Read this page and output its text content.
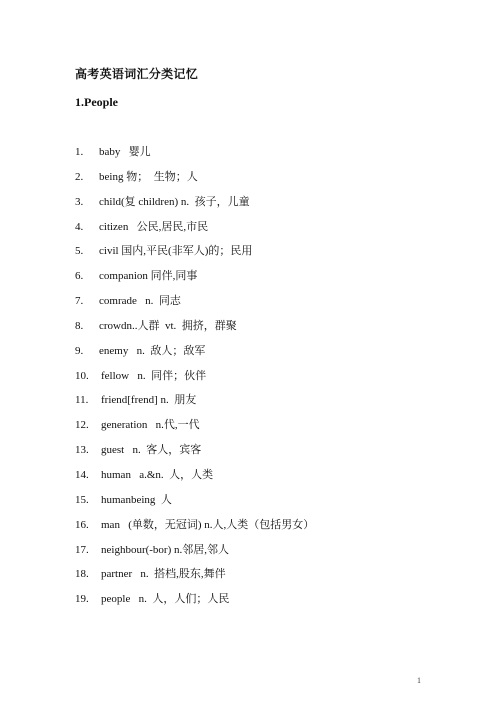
高考英语词汇分类记忆
1.People
1. baby   婴儿
2. being 物；  生物；人
3. child(复 children) n.  孩子，儿童
4. citizen   公民,居民,市民
5. civil 国内,平民(非军人)的；民用
6. companion 同伴,同事
7. comrade   n.  同志
8. crowdn..人群  vt.  拥挤，群聚
9. enemy   n.  敌人；敌军
10. fellow   n.  同伴；伙伴
11. friend[frend] n.  朋友
12. generation   n.代,一代
13. guest   n.  客人，宾客
14. human   a.&n.  人，人类
15. humanbeing  人
16. man   (单数，无冠词) n.人,人类（包括男女）
17. neighbour(-bor) n.邻居,邻人
18. partner   n.  搭档,股东,舞伴
19. people   n.  人，人们；人民
1
